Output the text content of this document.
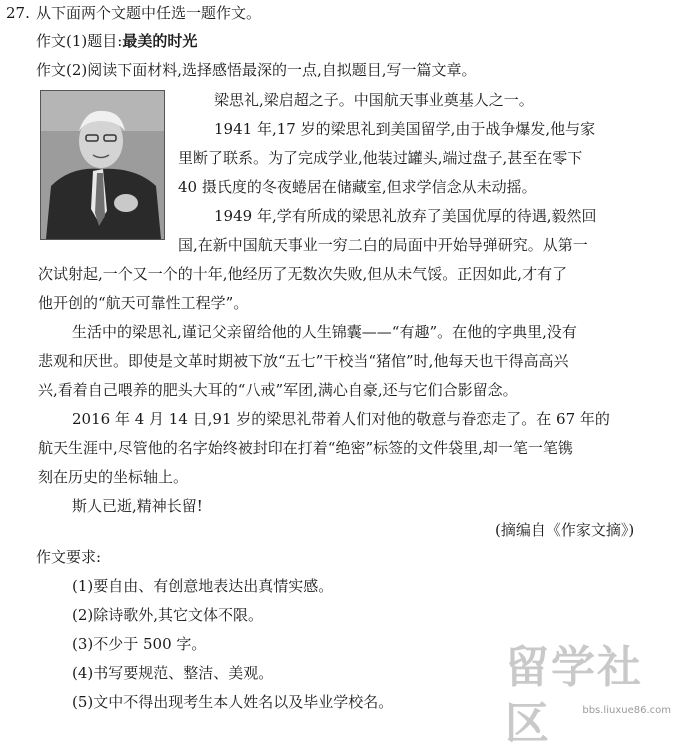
27. 从下面两个文题中任选一题作文。
作文(1)题目:最美的时光
作文(2)阅读下面材料,选择感悟最深的一点,自拟题目,写一篇文章。
梁思礼,梁启超之子。中国航天事业奠基人之一。
1941 年,17 岁的梁思礼到美国留学,由于战争爆发,他与家
里断了联系。为了完成学业,他装过罐头,端过盘子,甚至在零下
40 摄氏度的冬夜蜷居在储藏室,但求学信念从未动摇。
1949 年,学有所成的梁思礼放弃了美国优厚的待遇,毅然回
国,在新中国航天事业一穷二白的局面中开始导弹研究。从第一
次试射起,一个又一个的十年,他经历了无数次失败,但从未气馁。正因如此,才有了
他开创的“航天可靠性工程学”。
生活中的梁思礼,谨记父亲留给他的人生锦囊——“有趣”。在他的字典里,没有
悲观和厌世。即使是文革时期被下放“五七”干校当“猪倌”时,他每天也干得高高兴
兴,看着自己喂养的肥头大耳的“八戒”军团,满心自豪,还与它们合影留念。
2016 年 4 月 14 日,91 岁的梁思礼带着人们对他的敬意与眷恋走了。在 67 年的
航天生涯中,尽管他的名字始终被封印在打着“绝密”标签的文件袋里,却一笔一笔镌
刻在历史的坐标轴上。
斯人已逝,精神长留!
(摘编自《作家文摘》)
作文要求:
(1)要自由、有创意地表达出真情实感。
(2)除诗歌外,其它文体不限。
(3)不少于 500 字。
(4)书写要规范、整洁、美观。
(5)文中不得出现考生本人姓名以及毕业学校名。
留学社区	bbs.liuxue86.com
